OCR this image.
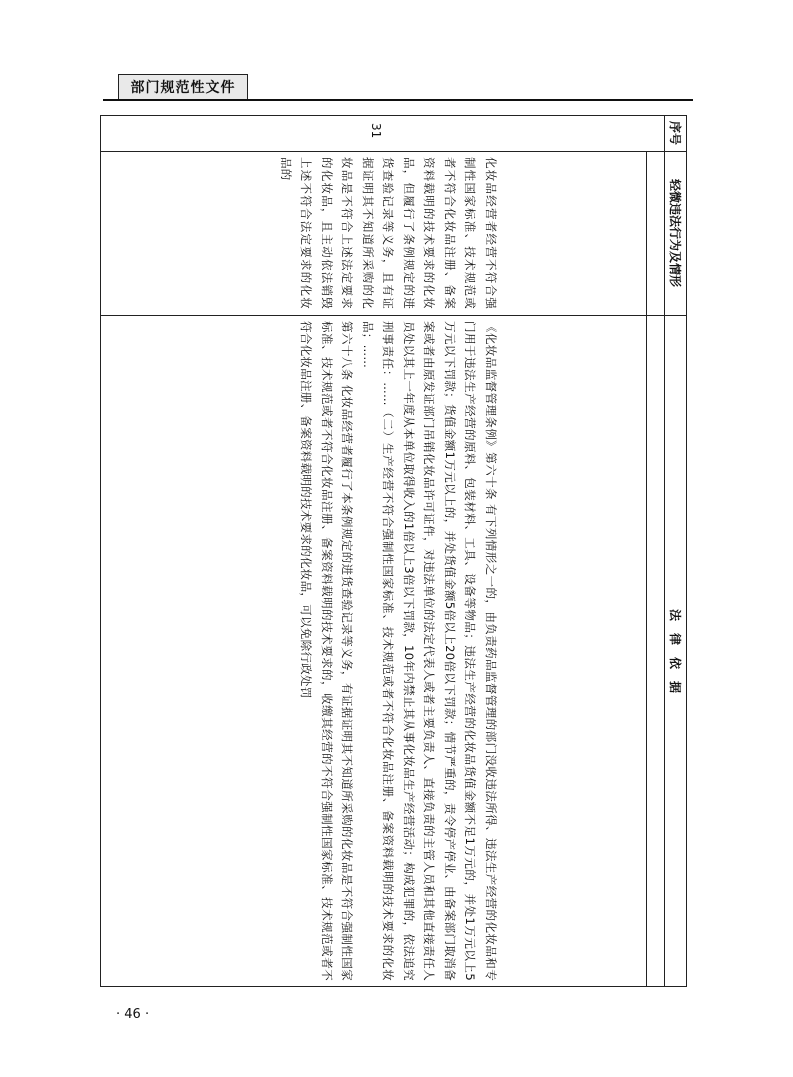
部门规范性文件
序号
轻微违法行为及情形
法　律　依　据
31
化妆品经营者经营不符合强制性国家标准、技术规范或者不符合化妆品注册、备案资料载明的技术要求的化妆品，但履行了条例规定的进货查验记录等义务，且有证据证明其不知道所采购的化妆品是不符合上述法定要求的化妆品，且主动依法销毁上述不符合法定要求的化妆品的
《化妆品监督管理条例》第六十条 有下列情形之一的，由负责药品监督管理的部门没收违法所得、违法生产经营的化妆品和专门用于违法生产经营的原料、包装材料、工具、设备等物品；违法生产经营的化妆品货值金额不足1万元的，并处1万元以上5万元以下罚款；货值金额1万元以上的，并处货值金额5倍以上20倍以下罚款；情节严重的，责令停产停业、由备案部门取消备案或者由原发证部门吊销化妆品许可证件，对违法单位的法定代表人或者主要负责人、直接负责的主管人员和其他直接责任人员处以其上一年度从本单位取得收入的1倍以上3倍以下罚款，10年内禁止其从事化妆品生产经营活动；构成犯罪的，依法追究刑事责任：……（二）生产经营不符合强制性国家标准、技术规范或者不符合化妆品注册、备案资料载明的技术要求的化妆品；……
第六十八条 化妆品经营者履行了本条例规定的进货查验记录等义务，有证据证明其不知道所采购的化妆品是不符合强制性国家标准、技术规范或者不符合化妆品注册、备案资料载明的技术要求的，收缴其经营的不符合强制性国家标准、技术规范或者不符合化妆品注册、备案资料载明的技术要求的化妆品，可以免除行政处罚
· 46 ·
